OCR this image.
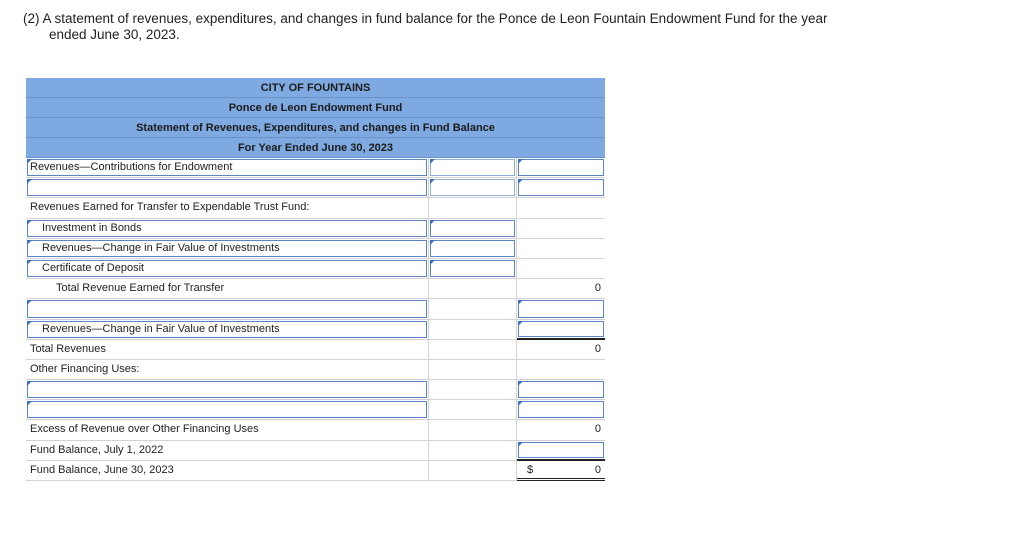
(2) A statement of revenues, expenditures, and changes in fund balance for the Ponce de Leon Fountain Endowment Fund for the year
ended June 30, 2023.
CITY OF FOUNTAINS
Ponce de Leon Endowment Fund
Statement of Revenues, Expenditures, and changes in Fund Balance
For Year Ended June 30, 2023
Revenues—Contributions for Endowment
Revenues Earned for Transfer to Expendable Trust Fund:
Investment in Bonds
Revenues—Change in Fair Value of Investments
Certificate of Deposit
Total Revenue Earned for Transfer	0
Revenues—Change in Fair Value of Investments
Total Revenues	0
Other Financing Uses:
Excess of Revenue over Other Financing Uses	0
Fund Balance, July 1, 2022
Fund Balance, June 30, 2023	$	0
